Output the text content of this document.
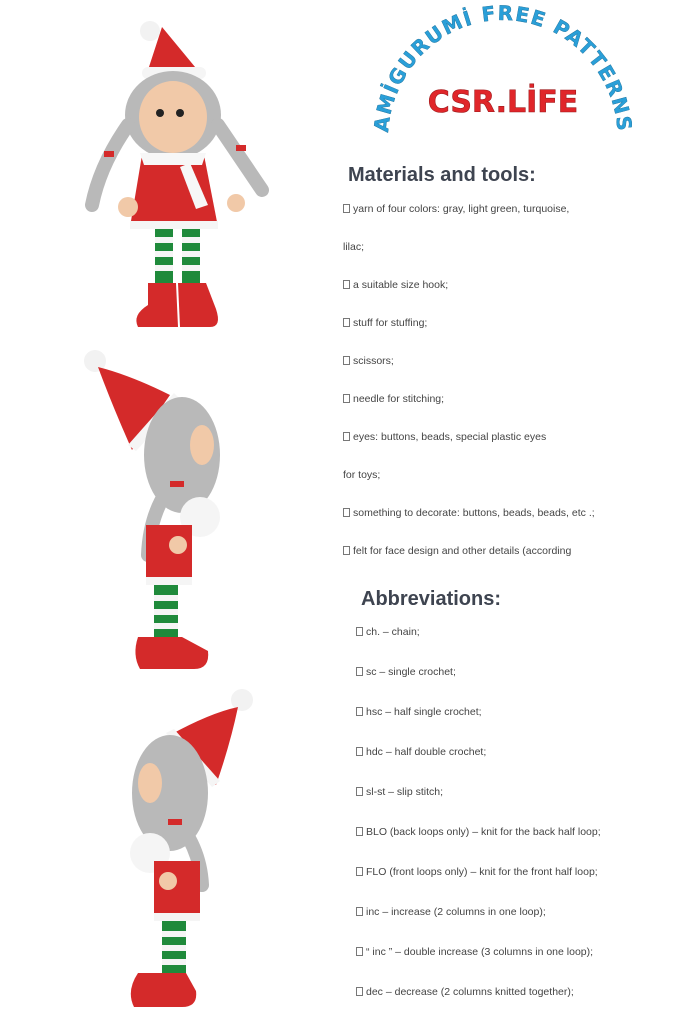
AMİGURUMİ FREE PATTERNS
CSR.LİFE
Materials and tools:
yarn of four colors: gray, light green, turquoise,
lilac;
a suitable size hook;
stuff for stuffing;
scissors;
needle for stitching;
eyes: buttons, beads, special plastic eyes
for toys;
something to decorate: buttons, beads, beads, etc .;
felt for face design and other details (according
Abbreviations:
ch. – chain;
sc – single crochet;
hsc – half single crochet;
hdc – half double crochet;
sl-st – slip stitch;
BLO (back loops only) – knit for the back half loop;
FLO (front loops only) – knit for the front half loop;
inc – increase (2 columns in one loop);
“ inc ” – double increase (3 columns in one loop);
dec – decrease (2 columns knitted together);
